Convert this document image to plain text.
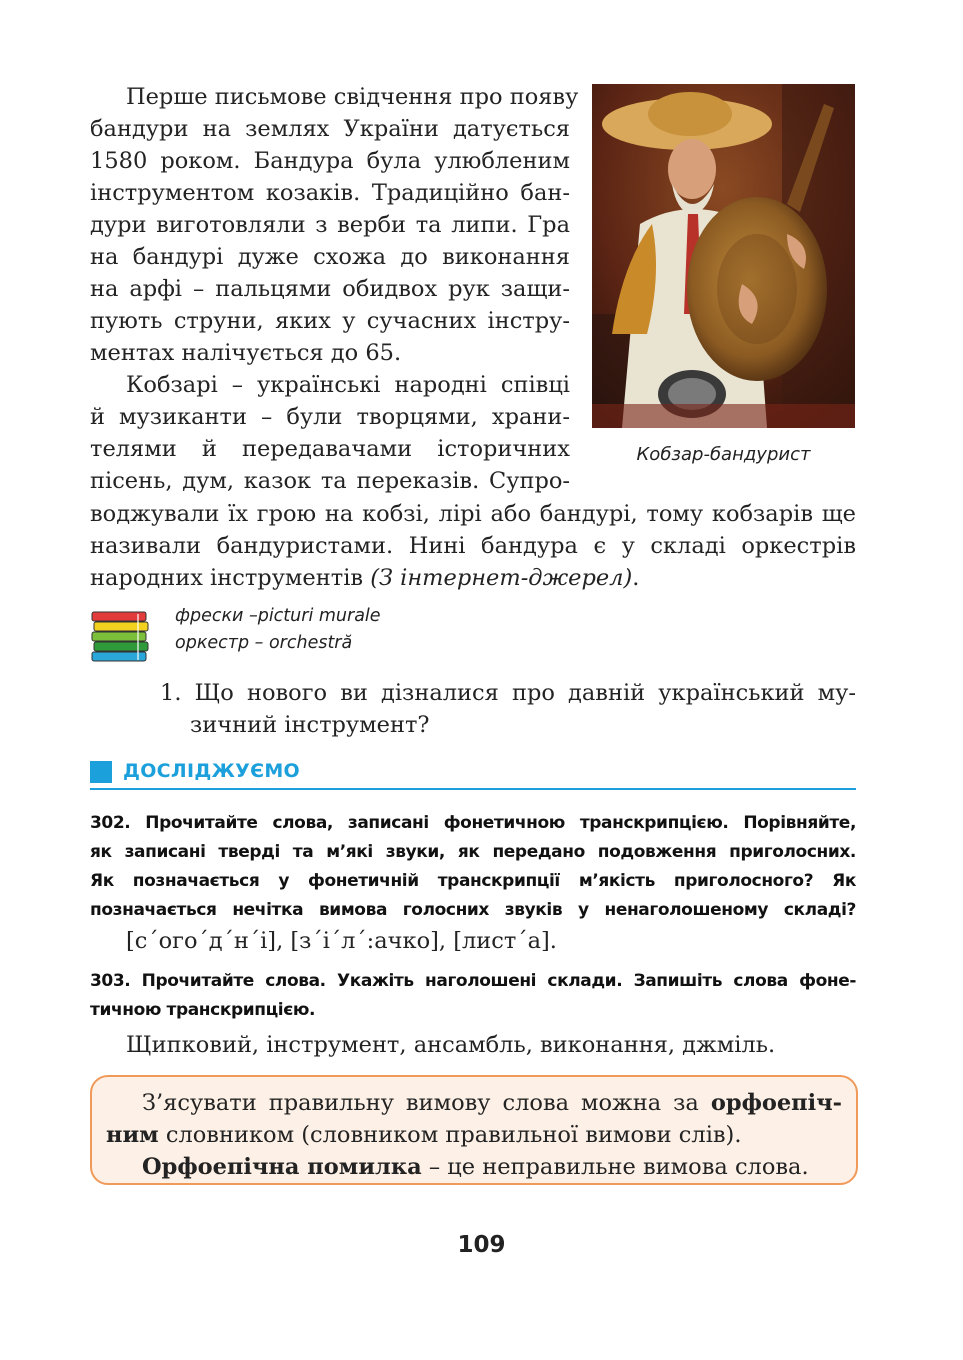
Перше письмове свідчення про появу
бандури на землях України датується
1580 роком. Бандура була улюбленим
інструментом козаків. Традиційно бан-
дури виготовляли з верби та липи. Гра
на бандурі дуже схожа до виконання
на арфі – пальцями обидвох рук защи-
пують струни, яких у сучасних інстру-
ментах налічується до 65.
Кобзарі – українські народні співці
й музиканти – були творцями, храни-
телями й передавачами історичних
пісень, дум, казок та переказів. Супро-
воджували їх грою на кобзі, лірі або бандурі, тому кобзарів ще
називали бандуристами. Нині бандура є у складі оркестрів
народних інструментів (З інтернет-джерел).
Кобзар-бандурист
фрески –picturi murale
оркестр – orchestră
1. Що нового ви дізналися про давній український му-
зичний інструмент?
ДОСЛІДЖУЄМО
302. Прочитайте слова, записані фонетичною транскрипцією. Порівняйте,
як записані тверді та м’які звуки, як передано подовження приголосних.
Як позначається у фонетичній транскрипції м’якість приголосного? Як
позначається нечітка вимова голосних звуків у ненаголошеному складі?
[с´ого´д´н´і], [з´і´л´:ачко], [лист´а].
303. Прочитайте слова. Укажіть наголошені склади. Запишіть слова фоне-
тичною транскрипцією.
Щипковий, інструмент, ансамбль, виконання, джміль.
З’ясувати правильну вимову слова можна за орфоепіч-
ним словником (словником правильної вимови слів).
Орфоепічна помилка – це неправильне вимова слова.
109
